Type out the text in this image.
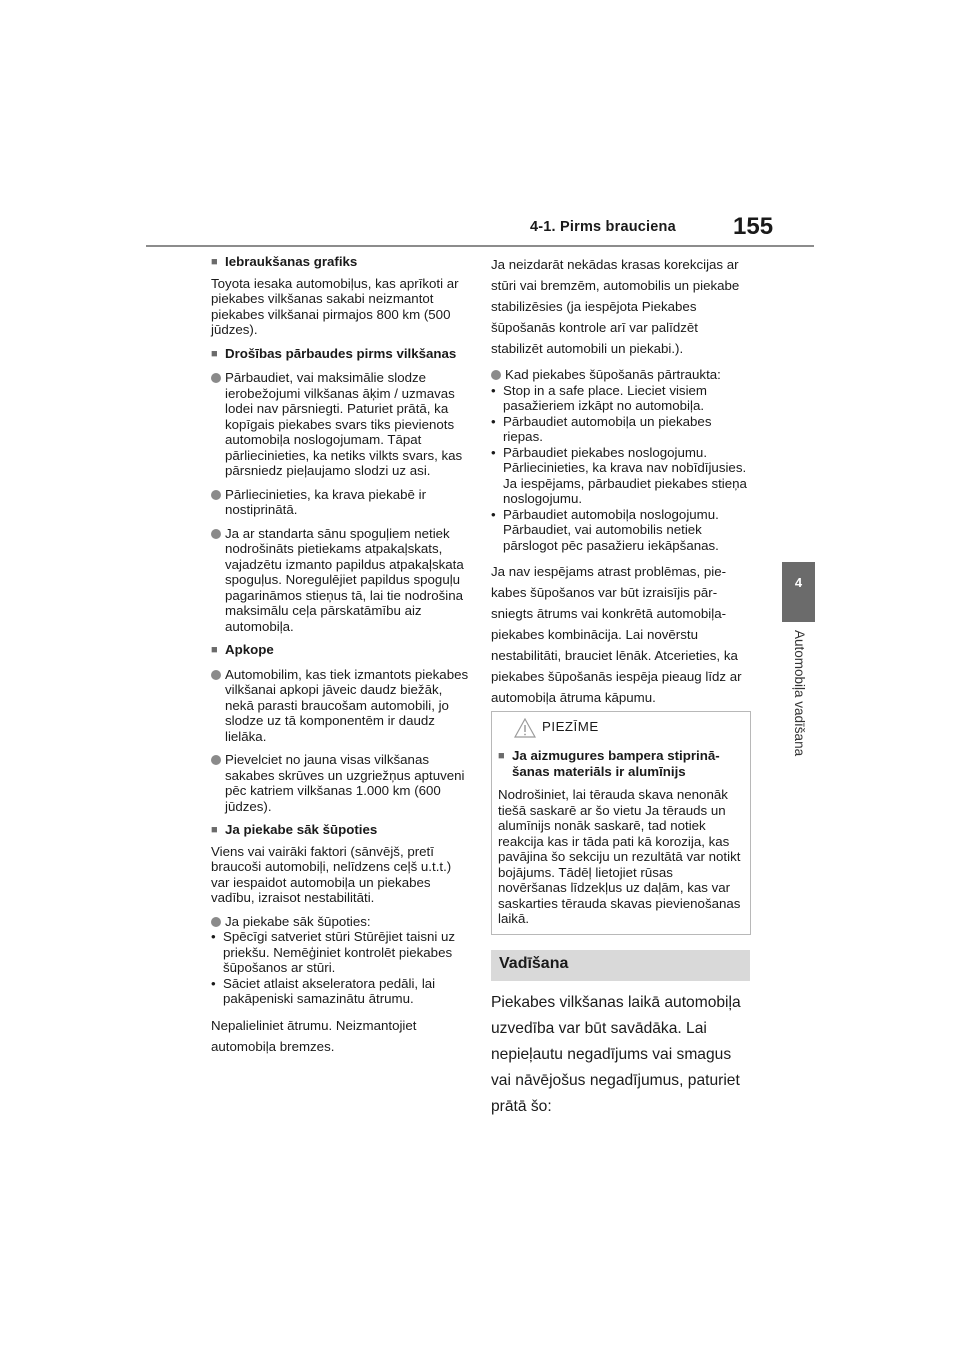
4-1. Pirms brauciena 155
4
Automobiļa vadīšana
■ Iebraukšanas grafiks

Toyota iesaka automobiļus, kas aprīkoti ar piekabes vilkšanas sakabi neizmantot piekabes vilkšanai pirmajos 800 km (500 jūdzes).

■ Drošības pārbaudes pirms vilkšanas
Pārbaudiet, vai maksimālie slodze ierobežojumi vilkšanas āķim / uzmavas lodei nav pārsniegti. Paturiet prātā, ka kopīgais piekabes svars tiks pievienots automobiļa noslogojumam. Tāpat pārliecinieties, ka netiks vilkts svars, kas pārsniedz pieļaujamo slodzi uz asi.
Pārliecinieties, ka krava piekabē ir nostiprinātā.
Ja ar standarta sānu spoguļiem netiek nodrošināts pietiekams atpakaļskats, vajadzētu izmanto papildus atpakaļskata spoguļus. Noregulējiet papildus spoguļu pagarināmos stieņus tā, lai tie nodrošina maksimālu ceļa pārskatāmību aiz automobiļa.
■ Apkope
Automobilim, kas tiek izmantots piekabes vilkšanai apkopi jāveic daudz biežāk, nekā parasti braucošam automobili, jo slodze uz tā komponentēm ir daudz lielāka.
Pievelciet no jauna visas vilkšanas sakabes skrūves un uzgriežņus aptuveni pēc katriem vilkšanas 1.000 km (600 jūdzes).
■ Ja piekabe sāk šūpoties

Viens vai vairāki faktori (sānvējš, pretī braucoši automobiļi, nelīdzens ceļš u.t.t.) var iespaidot automobiļa un piekabes vadību, izraisot nestabilitāti.

Ja piekabe sāk šūpoties:
• Spēcīgi satveriet stūri Stūrējiet taisni uz priekšu. Nemēģiniet kontrolēt piekabes šūpošanos ar stūri.
• Sāciet atlaist akseleratora pedāli, lai pakāpeniski samazinātu ātrumu.

Nepalieliniet ātrumu. Neizmantojiet automobiļa bremzes.

Ja neizdarāt nekādas krasas korekcijas ar stūri vai bremzēm, automobilis un piekabe stabilizēsies (ja iespējota Piekabes šūpošanās kontrole arī var palīdzēt stabilizēt automobili un piekabi.).

Kad piekabes šūpošanās pārtraukta:
• Stop in a safe place. Lieciet visiem pasažieriem izkāpt no automobiļa.
• Pārbaudiet automobiļa un piekabes riepas.
• Pārbaudiet piekabes noslogojumu. Pārliecinieties, ka krava nav nobīdījusies. Ja iespējams, pārbaudiet piekabes stieņa noslogojumu.
• Pārbaudiet automobiļa noslogojumu. Pārbaudiet, vai automobilis netiek pārslogot pēc pasažieru iekāpšanas.

Ja nav iespējams atrast problēmas, piekabes šūpošanos var būt izraisījis pārsniegts ātrums vai konkrētā automobiļa-piekabes kombinācija. Lai novērstu nestabilitāti, brauciet lēnāk. Atcerieties, ka piekabes šūpošanās iespēja pieaug līdz ar automobiļa ātruma kāpumu.

PIEZĪME
■ Ja aizmugures bampera stiprināšanas materiāls ir alumīnijs

Nodrošiniet, lai tērauda skava nenonāk tiešā saskarē ar šo vietu Ja tērauds un alumīnijs nonāk saskarē, tad notiek reakcija kas ir tāda pati kā korozija, kas pavājina šo sekciju un rezultātā var notikt bojājums. Tādēļ lietojiet rūsas novēršanas līdzekļus uz daļām, kas var saskarties tērauda skavas pievienošanas laikā.

Vadīšana

Piekabes vilkšanas laikā automobiļa uzvedība var būt savādāka. Lai nepieļautu negadījums vai smagus vai nāvējošus negadījumus, paturiet prātā šo:
